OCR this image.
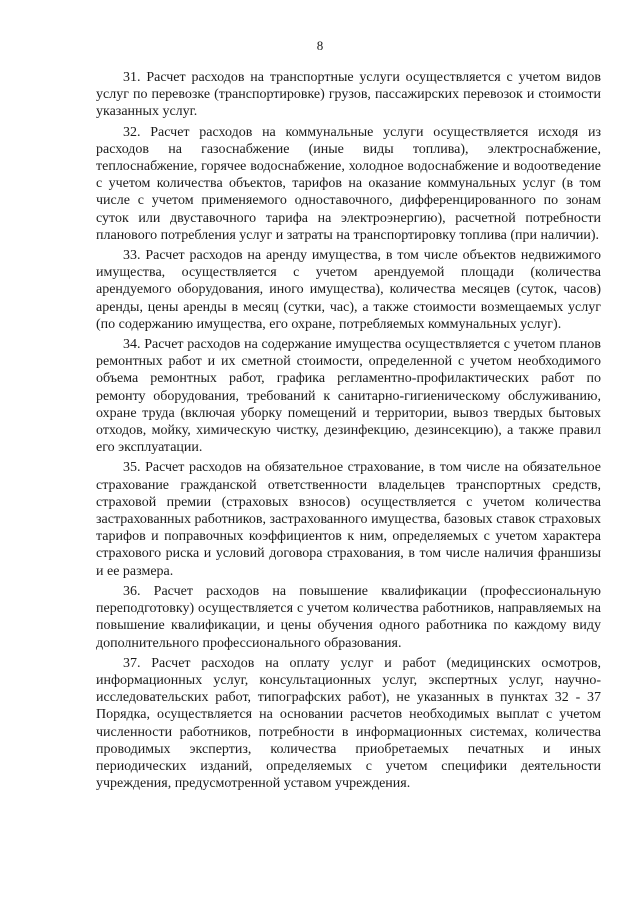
8

31. Расчет расходов на транспортные услуги осуществляется с учетом видов услуг по перевозке (транспортировке) грузов, пассажирских перевозок и стоимости указанных услуг.

32. Расчет расходов на коммунальные услуги осуществляется исходя из расходов на газоснабжение (иные виды топлива), электроснабжение, теплоснабжение, горячее водоснабжение, холодное водоснабжение и водоотведение с учетом количества объектов, тарифов на оказание коммунальных услуг (в том числе с учетом применяемого одноставочного, дифференцированного по зонам суток или двуставочного тарифа на электроэнергию), расчетной потребности планового потребления услуг и затраты на транспортировку топлива (при наличии).

33. Расчет расходов на аренду имущества, в том числе объектов недвижимого имущества, осуществляется с учетом арендуемой площади (количества арендуемого оборудования, иного имущества), количества месяцев (суток, часов) аренды, цены аренды в месяц (сутки, час), а также стоимости возмещаемых услуг (по содержанию имущества, его охране, потребляемых коммунальных услуг).

34. Расчет расходов на содержание имущества осуществляется с учетом планов ремонтных работ и их сметной стоимости, определенной с учетом необходимого объема ремонтных работ, графика регламентно-профилактических работ по ремонту оборудования, требований к санитарно-гигиеническому обслуживанию, охране труда (включая уборку помещений и территории, вывоз твердых бытовых отходов, мойку, химическую чистку, дезинфекцию, дезинсекцию), а также правил его эксплуатации.

35. Расчет расходов на обязательное страхование, в том числе на обязательное страхование гражданской ответственности владельцев транспортных средств, страховой премии (страховых взносов) осуществляется с учетом количества застрахованных работников, застрахованного имущества, базовых ставок страховых тарифов и поправочных коэффициентов к ним, определяемых с учетом характера страхового риска и условий договора страхования, в том числе наличия франшизы и ее размера.

36. Расчет расходов на повышение квалификации (профессиональную переподготовку) осуществляется с учетом количества работников, направляемых на повышение квалификации, и цены обучения одного работника по каждому виду дополнительного профессионального образования.

37. Расчет расходов на оплату услуг и работ (медицинских осмотров, информационных услуг, консультационных услуг, экспертных услуг, научно-исследовательских работ, типографских работ), не указанных в пунктах 32 - 37 Порядка, осуществляется на основании расчетов необходимых выплат с учетом численности работников, потребности в информационных системах, количества проводимых экспертиз, количества приобретаемых печатных и иных периодических изданий, определяемых с учетом специфики деятельности учреждения, предусмотренной уставом учреждения.
